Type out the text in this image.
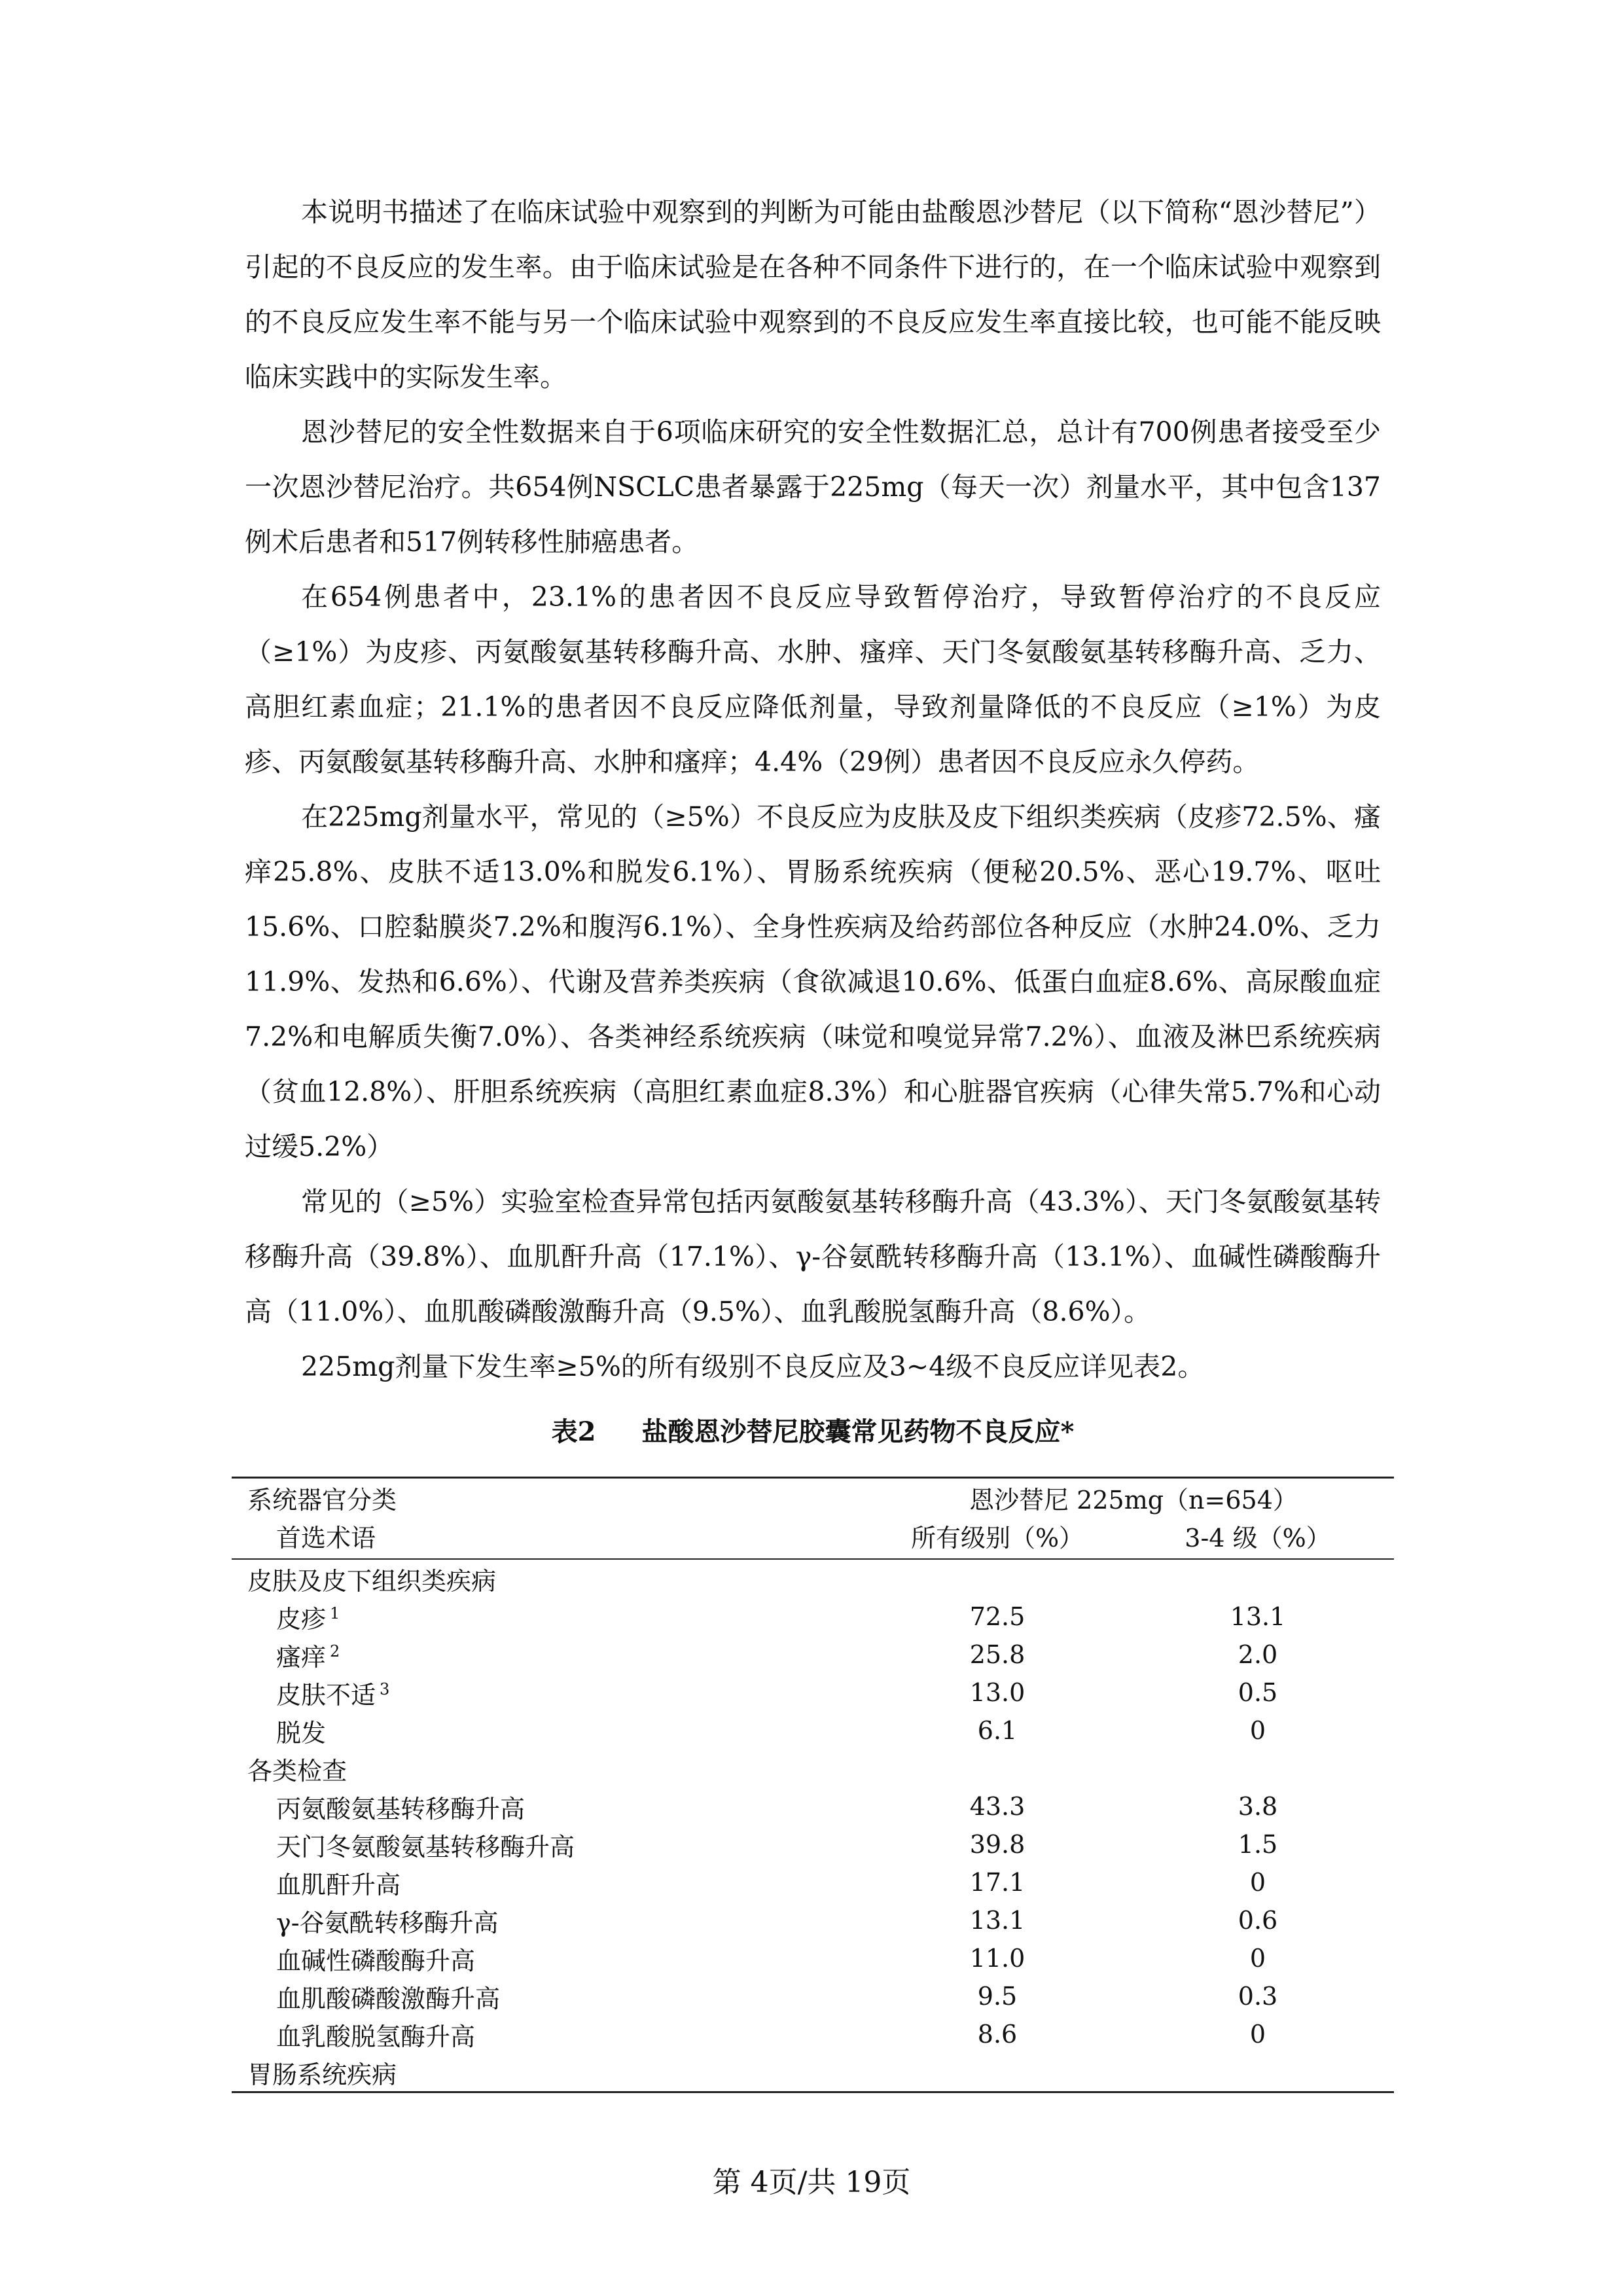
本说明书描述了在临床试验中观察到的判断为可能由盐酸恩沙替尼（以下简称“恩沙替尼”）引起的不良反应的发生率。由于临床试验是在各种不同条件下进行的，在一个临床试验中观察到的不良反应发生率不能与另一个临床试验中观察到的不良反应发生率直接比较，也可能不能反映临床实践中的实际发生率。

恩沙替尼的安全性数据来自于6项临床研究的安全性数据汇总，总计有700例患者接受至少一次恩沙替尼治疗。共654例NSCLC患者暴露于225mg（每天一次）剂量水平，其中包含137例术后患者和517例转移性肺癌患者。

在654例患者中，23.1%的患者因不良反应导致暂停治疗，导致暂停治疗的不良反应（≥1%）为皮疹、丙氨酸氨基转移酶升高、水肿、瘙痒、天门冬氨酸氨基转移酶升高、乏力、高胆红素血症；21.1%的患者因不良反应降低剂量，导致剂量降低的不良反应（≥1%）为皮疹、丙氨酸氨基转移酶升高、水肿和瘙痒；4.4%（29例）患者因不良反应永久停药。

在225mg剂量水平，常见的（≥5%）不良反应为皮肤及皮下组织类疾病（皮疹72.5%、瘙痒25.8%、皮肤不适13.0%和脱发6.1%）、胃肠系统疾病（便秘20.5%、恶心19.7%、呕吐15.6%、口腔黏膜炎7.2%和腹泻6.1%）、全身性疾病及给药部位各种反应（水肿24.0%、乏力11.9%、发热和6.6%）、代谢及营养类疾病（食欲减退10.6%、低蛋白血症8.6%、高尿酸血症7.2%和电解质失衡7.0%）、各类神经系统疾病（味觉和嗅觉异常7.2%）、血液及淋巴系统疾病（贫血12.8%）、肝胆系统疾病（高胆红素血症8.3%）和心脏器官疾病（心律失常5.7%和心动过缓5.2%）

常见的（≥5%）实验室检查异常包括丙氨酸氨基转移酶升高（43.3%）、天门冬氨酸氨基转移酶升高（39.8%）、血肌酐升高（17.1%）、γ-谷氨酰转移酶升高（13.1%）、血碱性磷酸酶升高（11.0%）、血肌酸磷酸激酶升高（9.5%）、血乳酸脱氢酶升高（8.6%）。

225mg剂量下发生率≥5%的所有级别不良反应及3~4级不良反应详见表2。

表2 盐酸恩沙替尼胶囊常见药物不良反应*
系统器官分类	恩沙替尼 225mg（n=654）
首选术语	所有级别（%）	3-4 级（%）
皮肤及皮下组织类疾病
皮疹 $^1$	72.5	13.1
瘙痒 $^2$	25.8	2.0
皮肤不适 $^3$	13.0	0.5
脱发	6.1	0
各类检查
丙氨酸氨基转移酶升高	43.3	3.8
天门冬氨酸氨基转移酶升高	39.8	1.5
血肌酐升高	17.1	0
γ-谷氨酰转移酶升高	13.1	0.6
血碱性磷酸酶升高	11.0	0
血肌酸磷酸激酶升高	9.5	0.3
血乳酸脱氢酶升高	8.6	0
胃肠系统疾病
第 4页/共 19页
